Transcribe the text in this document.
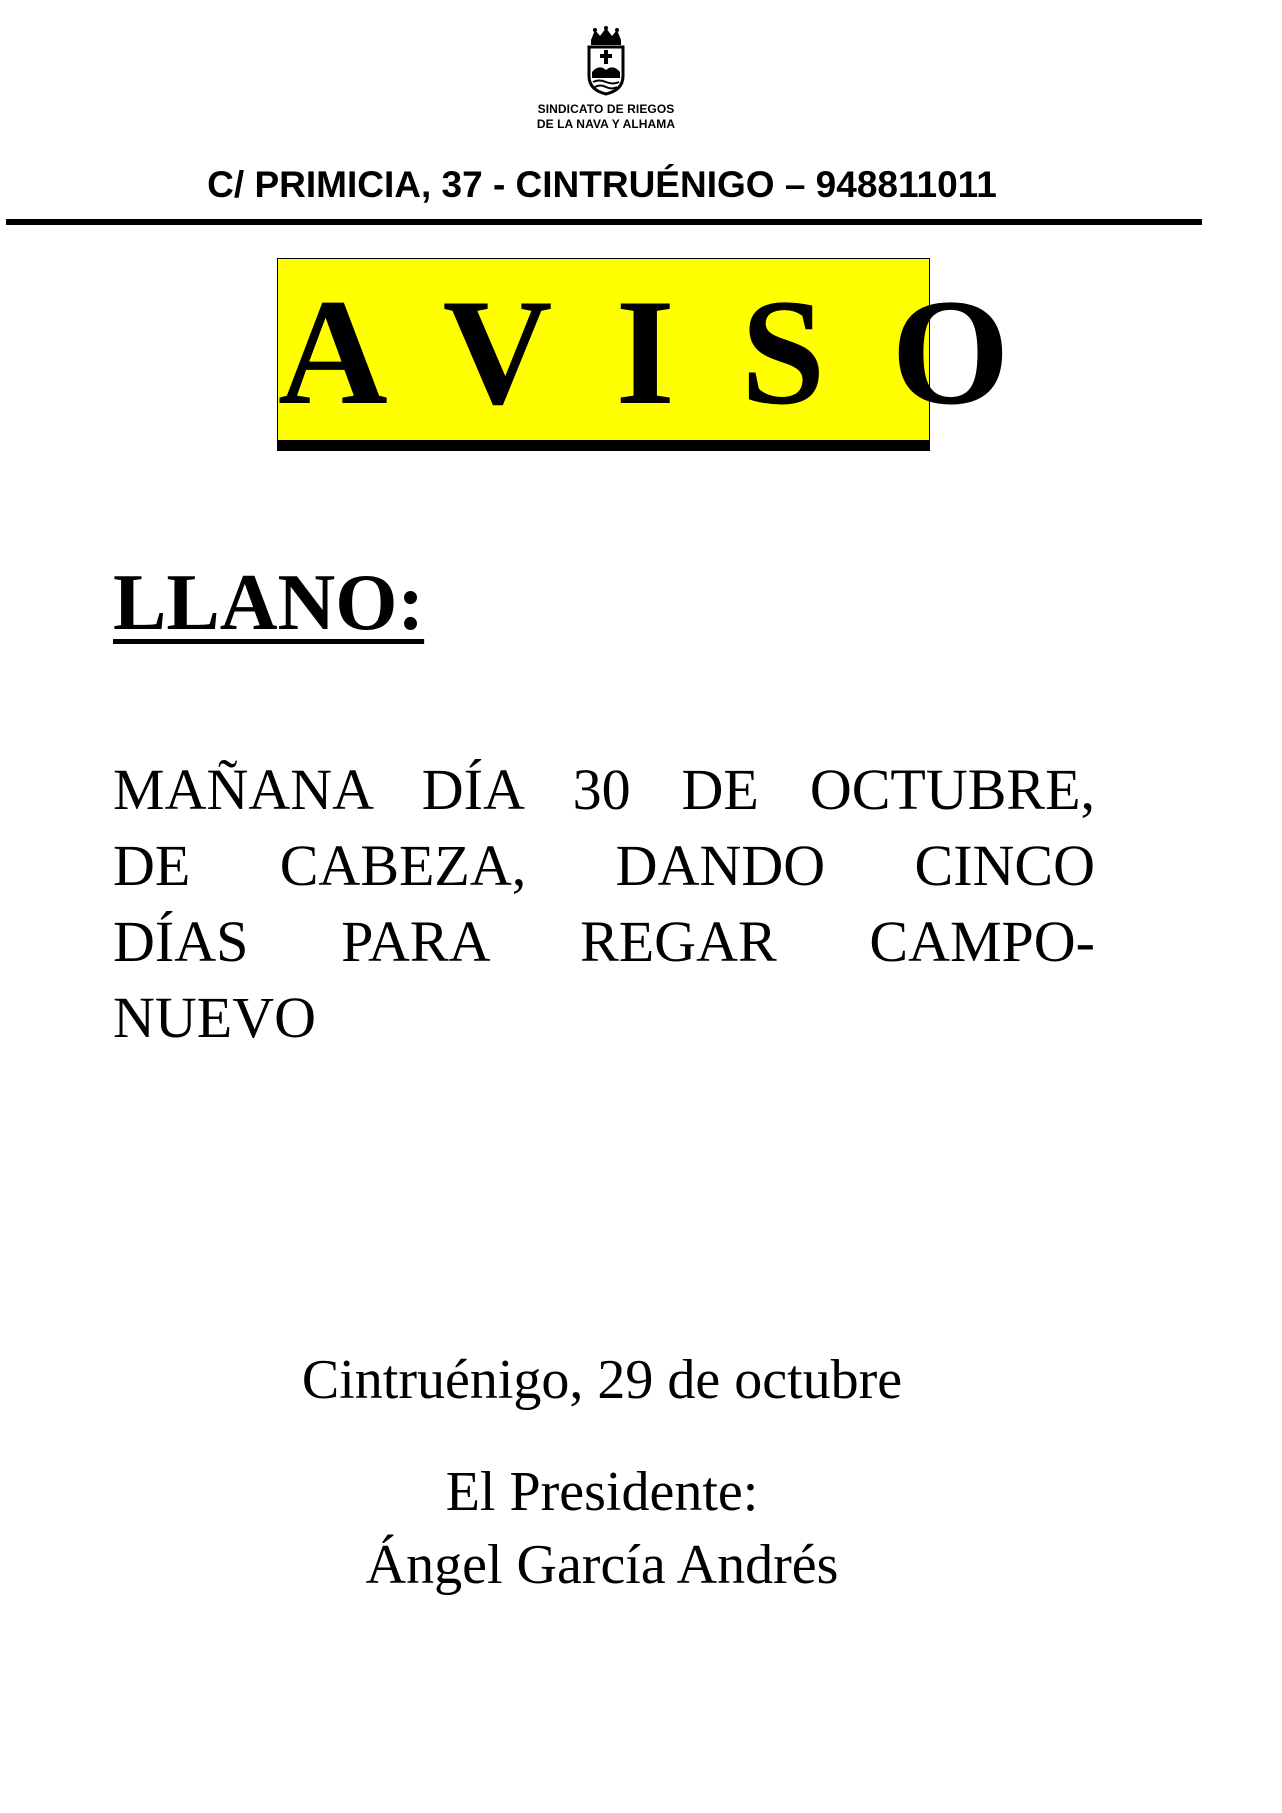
SINDICATO DE RIEGOS
DE LA NAVA Y ALHAMA
C/ PRIMICIA, 37 - CINTRUÉNIGO – 948811011
A V I S O
LLANO:
MAÑANA DÍA 30 DE OCTUBRE,
DE CABEZA, DANDO CINCO
DÍAS PARA REGAR CAMPO-
NUEVO
Cintruénigo, 29 de octubre
El Presidente:
Ángel García Andrés
